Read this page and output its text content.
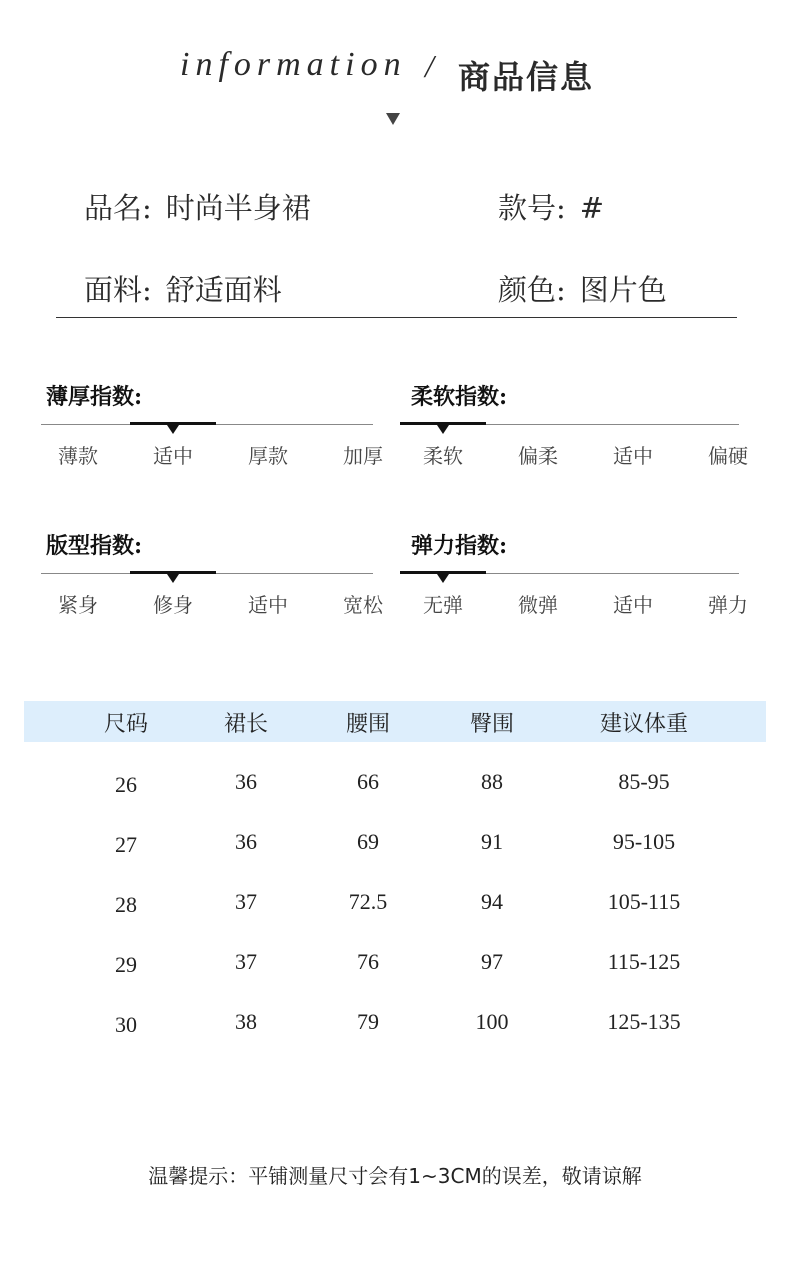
information / 商品信息
品名: 时尚半身裙	款号: #
面料: 舒适面料	颜色: 图片色
薄厚指数:
薄款	适中	厚款	加厚
柔软指数:
柔软	偏柔	适中	偏硬
版型指数:
紧身	修身	适中	宽松
弹力指数:
无弹	微弹	适中	弹力
尺码	裙长	腰围	臀围	建议体重
26	36	66	88	85-95
27	36	69	91	95-105
28	37	72.5	94	105-115
29	37	76	97	115-125
30	38	79	100	125-135
温馨提示：平铺测量尺寸会有1~3CM的误差，敬请谅解
